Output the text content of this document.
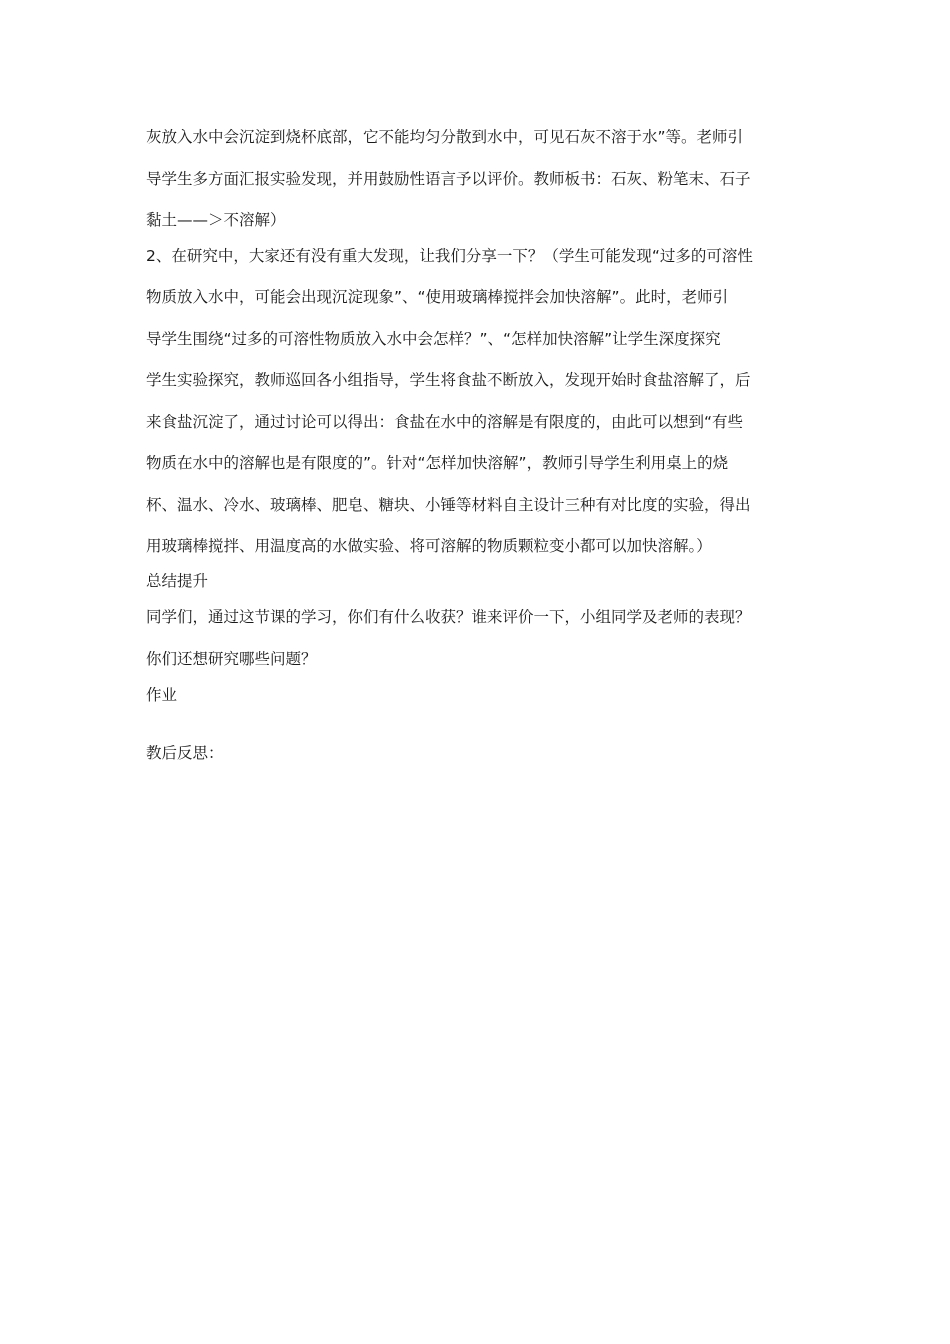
灰放入水中会沉淀到烧杯底部，它不能均匀分散到水中，可见石灰不溶于水”等。老师引
导学生多方面汇报实验发现，并用鼓励性语言予以评价。教师板书：石灰、粉笔末、石子
黏土——＞不溶解）
2、在研究中，大家还有没有重大发现，让我们分享一下？（学生可能发现“过多的可溶性
物质放入水中，可能会出现沉淀现象”、“使用玻璃棒搅拌会加快溶解”。此时，老师引
导学生围绕“过多的可溶性物质放入水中会怎样？”、“怎样加快溶解”让学生深度探究
学生实验探究，教师巡回各小组指导，学生将食盐不断放入，发现开始时食盐溶解了，后
来食盐沉淀了，通过讨论可以得出：食盐在水中的溶解是有限度的，由此可以想到“有些
物质在水中的溶解也是有限度的”。针对“怎样加快溶解”，教师引导学生利用桌上的烧
杯、温水、冷水、玻璃棒、肥皂、糖块、小锤等材料自主设计三种有对比度的实验，得出
用玻璃棒搅拌、用温度高的水做实验、将可溶解的物质颗粒变小都可以加快溶解。）
总结提升
同学们，通过这节课的学习，你们有什么收获？谁来评价一下，小组同学及老师的表现？
你们还想研究哪些问题？
作业
教后反思：
